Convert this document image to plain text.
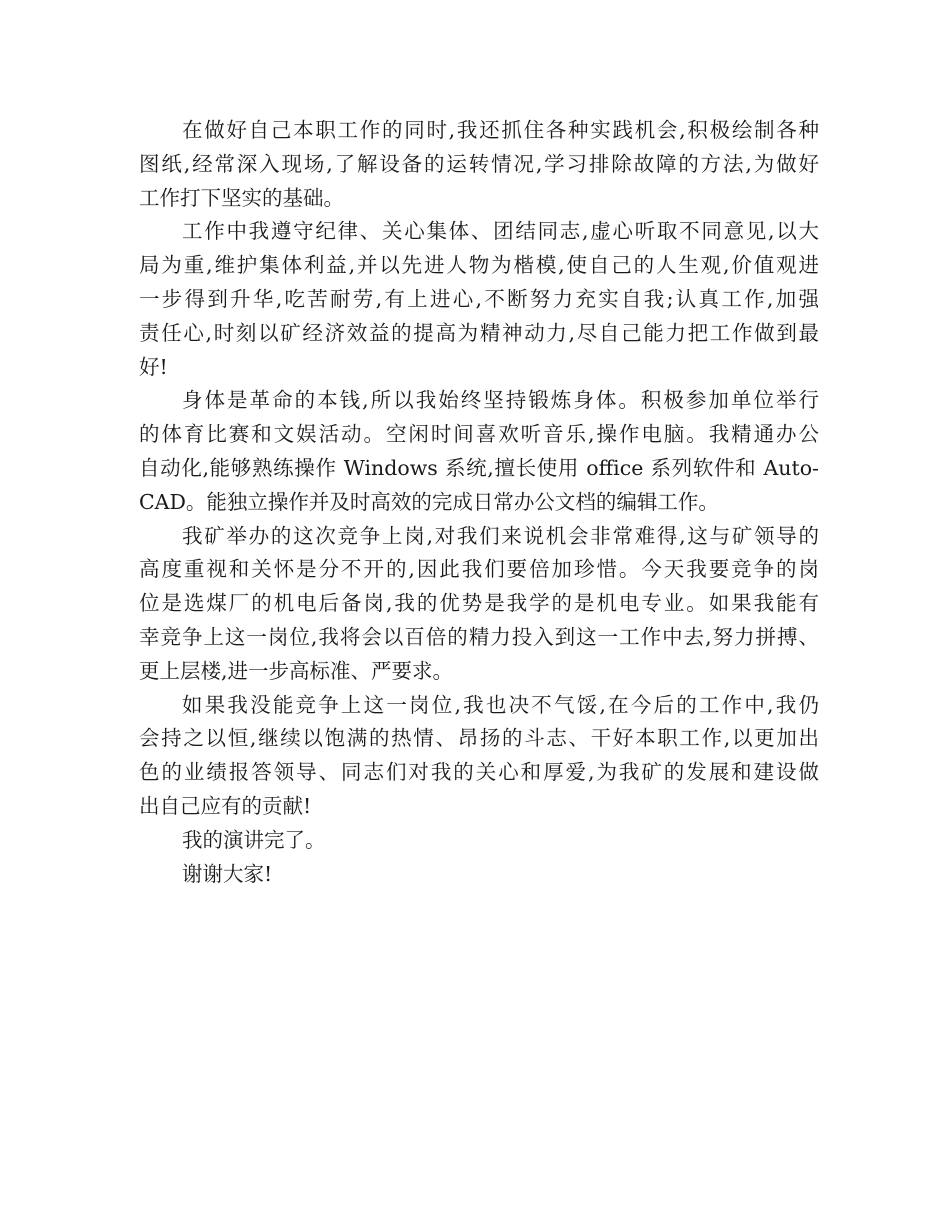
在做好自己本职工作的同时,我还抓住各种实践机会,积极绘制各种
图纸,经常深入现场,了解设备的运转情况,学习排除故障的方法,为做好
工作打下坚实的基础。
工作中我遵守纪律、关心集体、团结同志,虚心听取不同意见,以大
局为重,维护集体利益,并以先进人物为楷模,使自己的人生观,价值观进
一步得到升华,吃苦耐劳,有上进心,不断努力充实自我;认真工作,加强
责任心,时刻以矿经济效益的提高为精神动力,尽自己能力把工作做到最
好!
身体是革命的本钱,所以我始终坚持锻炼身体。积极参加单位举行
的体育比赛和文娱活动。空闲时间喜欢听音乐,操作电脑。我精通办公
自动化,能够熟练操作 Windows 系统,擅长使用 office 系列软件和 Auto-
CAD。能独立操作并及时高效的完成日常办公文档的编辑工作。
我矿举办的这次竞争上岗,对我们来说机会非常难得,这与矿领导的
高度重视和关怀是分不开的,因此我们要倍加珍惜。今天我要竞争的岗
位是选煤厂的机电后备岗,我的优势是我学的是机电专业。如果我能有
幸竞争上这一岗位,我将会以百倍的精力投入到这一工作中去,努力拼搏、
更上层楼,进一步高标准、严要求。
如果我没能竞争上这一岗位,我也决不气馁,在今后的工作中,我仍
会持之以恒,继续以饱满的热情、昂扬的斗志、干好本职工作,以更加出
色的业绩报答领导、同志们对我的关心和厚爱,为我矿的发展和建设做
出自己应有的贡献!
我的演讲完了。
谢谢大家!
